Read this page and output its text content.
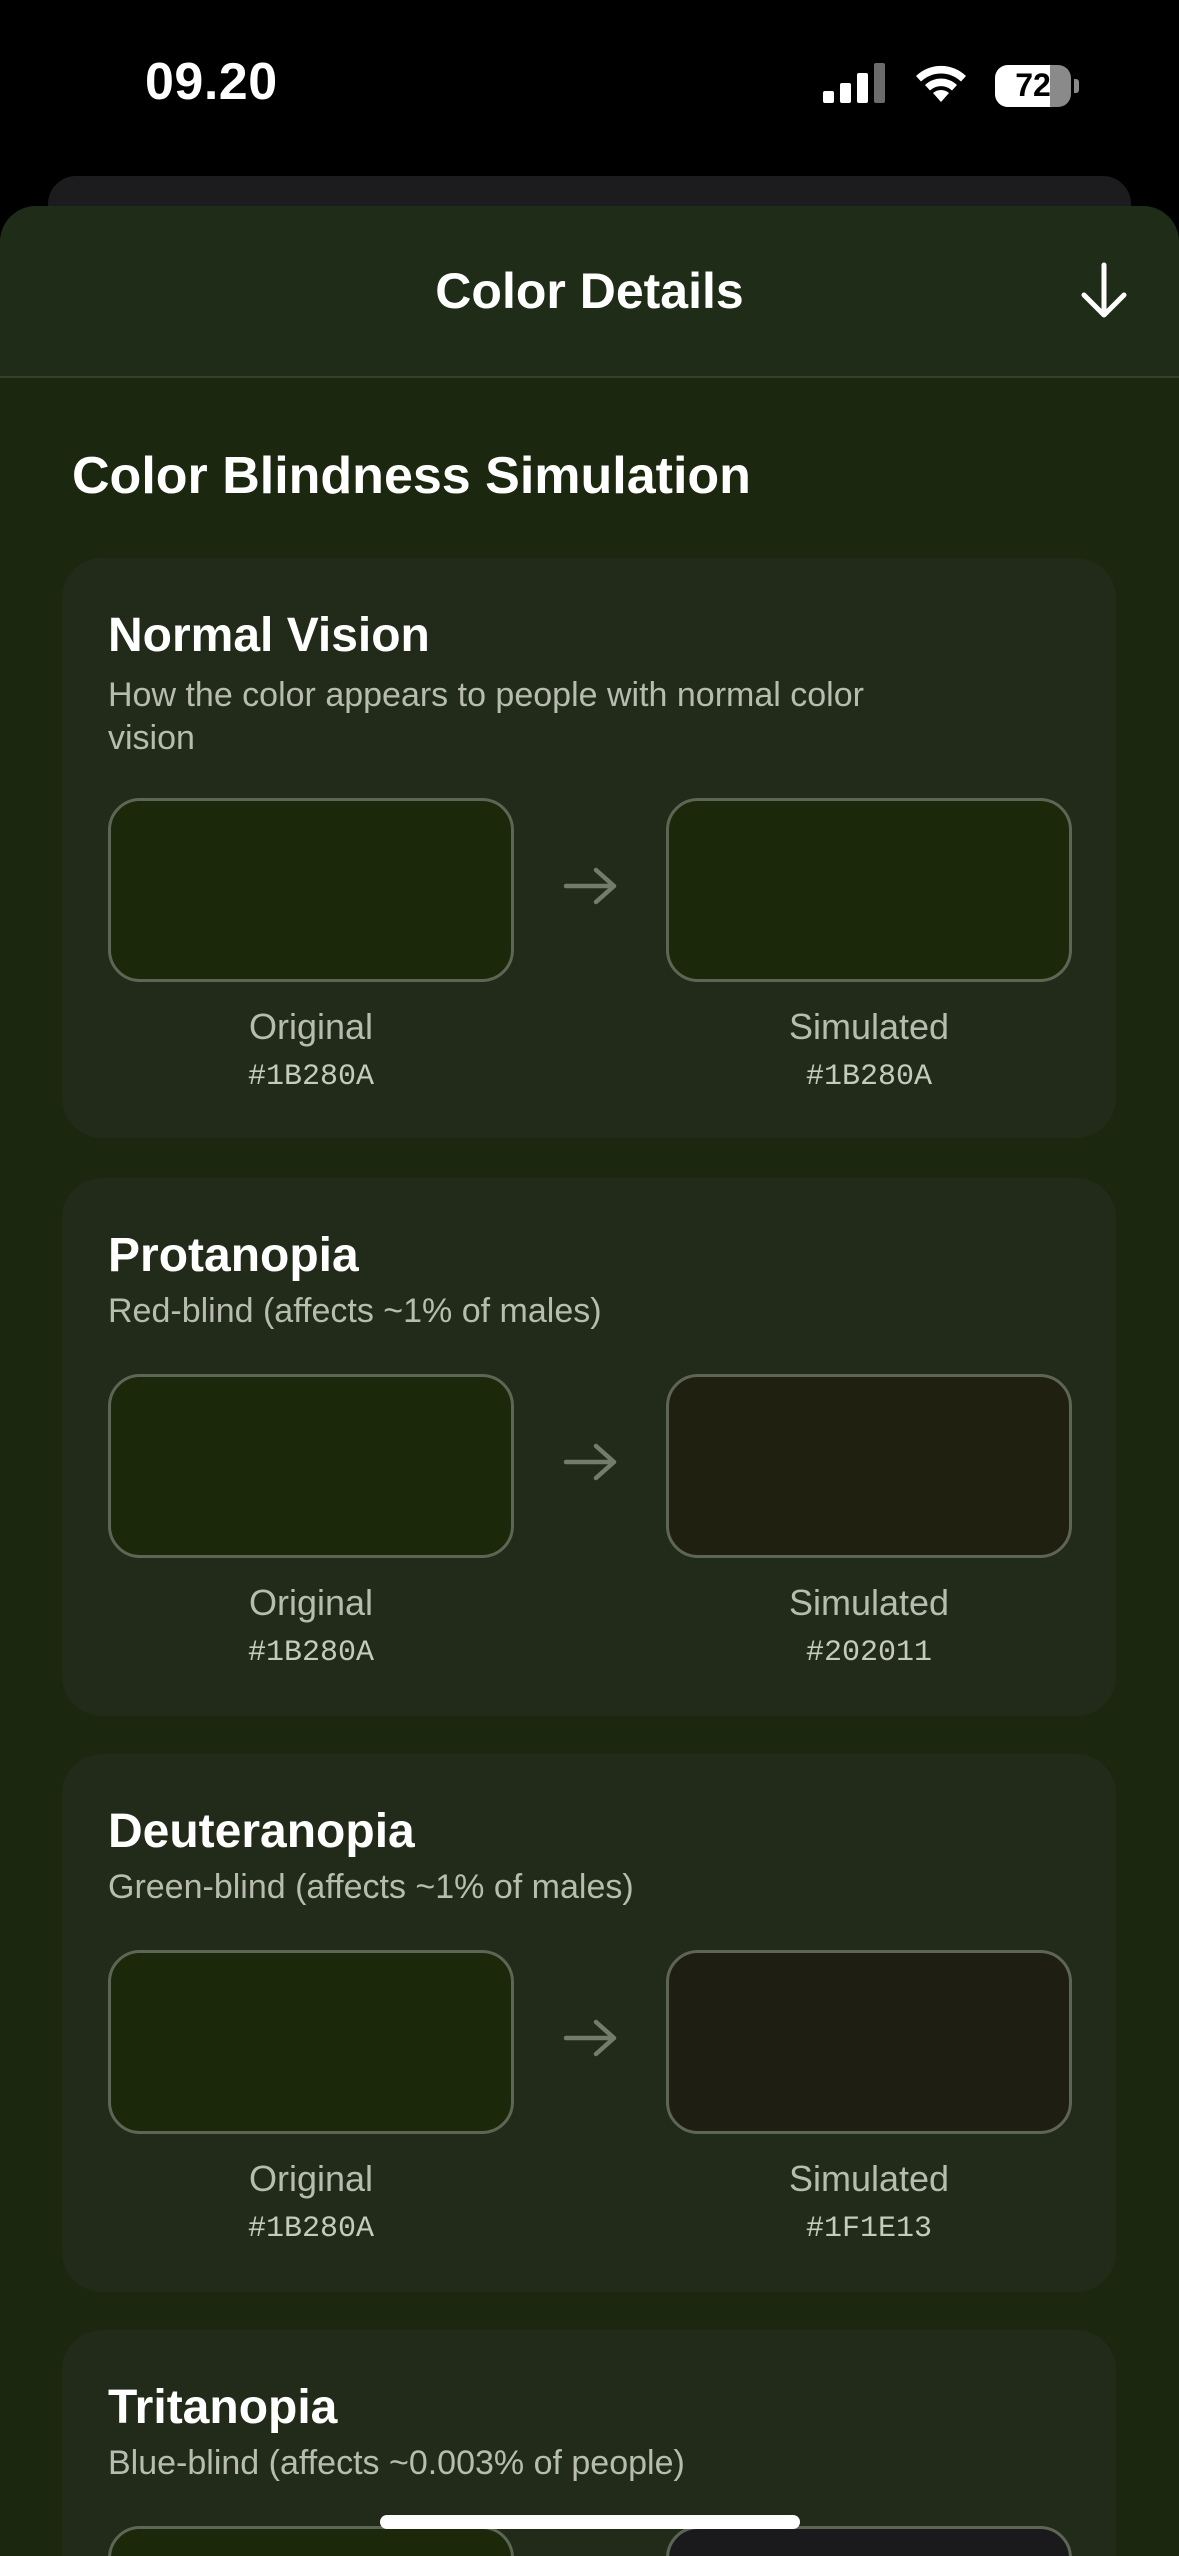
09.20	72
Color Details
Color Blindness Simulation
Normal Vision
How the color appears to people with normal color vision
Original
#1B280A
Simulated
#1B280A
Protanopia
Red-blind (affects ~1% of males)
Original
#1B280A
Simulated
#202011
Deuteranopia
Green-blind (affects ~1% of males)
Original
#1B280A
Simulated
#1F1E13
Tritanopia
Blue-blind (affects ~0.003% of people)
